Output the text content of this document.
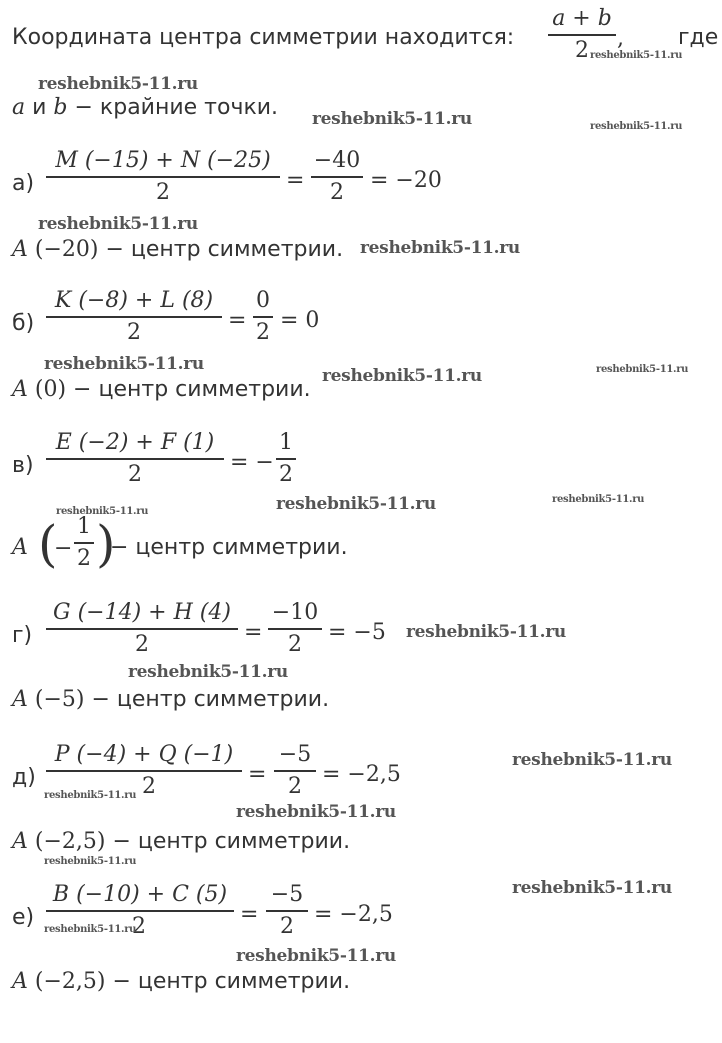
Координата центра симметрии находится:
a + b
2	, где
a и b − крайние точки.
а)
M (−15) + N (−25)
2	=
−40
2	= −20
A (−20) − центр симметрии.
б)
K (−8) + L (8)
2	=
0
2 = 0
A (0) − центр симметрии.
в)
E (−2) + F (1)
2	= −
1
2
A (
−
1
2 )
− центр симметрии.
г)
G (−14) + H (4)
2	=
−10
2	= −5
A (−5) − центр симметрии.
д)
P (−4) + Q (−1)
2	=
−5
2 = −2,5
A (−2,5) − центр симметрии.
е)
B (−10) + C (5)
2	=
−5
2 = −2,5
A (−2,5) − центр симметрии.
reshebnik5-11.ru
reshebnik5-11.ru
reshebnik5-11.ru	reshebnik5-11.ru
reshebnik5-11.ru
reshebnik5-11.ru
reshebnik5-11.ru
reshebnik5-11.ru	reshebnik5-11.ru
reshebnik5-11.ru	reshebnik5-11.ru
reshebnik5-11.ru
reshebnik5-11.ru
reshebnik5-11.ru
reshebnik5-11.ru
reshebnik5-11.ru
reshebnik5-11.ru
reshebnik5-11.ru
reshebnik5-11.ru
reshebnik5-11.ru
reshebnik5-11.ru
